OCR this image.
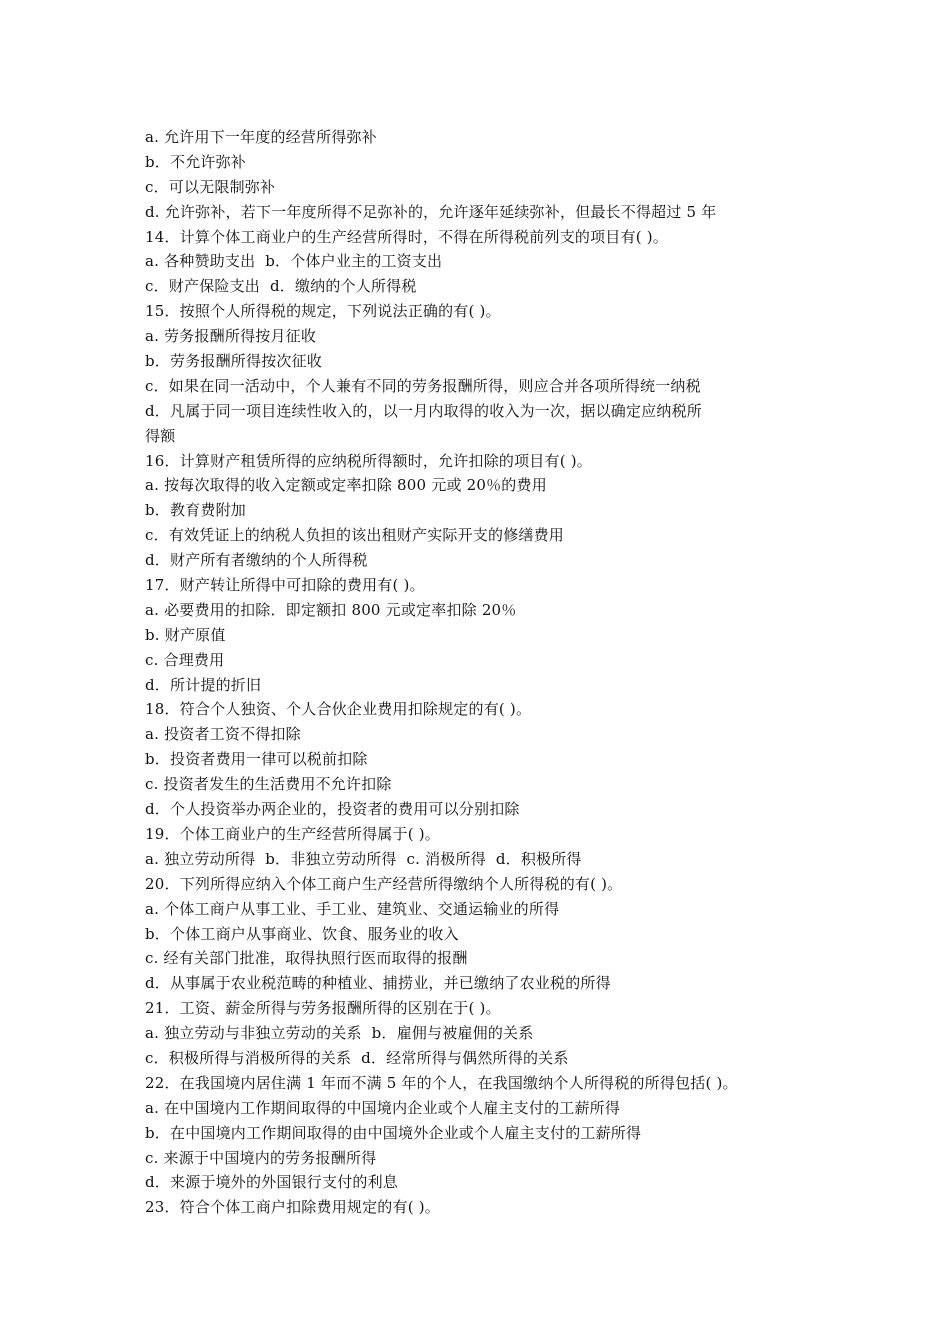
a. 允许用下一年度的经营所得弥补
b．不允许弥补
c．可以无限制弥补
d. 允许弥补，若下一年度所得不足弥补的，允许逐年延续弥补，但最长不得超过 5 年
14．计算个体工商业户的生产经营所得时，不得在所得税前列支的项目有( )。
a. 各种赞助支出  b．个体户业主的工资支出
c．财产保险支出  d．缴纳的个人所得税
15．按照个人所得税的规定，下列说法正确的有( )。
a. 劳务报酬所得按月征收
b．劳务报酬所得按次征收
c．如果在同一活动中，个人兼有不同的劳务报酬所得，则应合并各项所得统一纳税
d．凡属于同一项目连续性收入的，以一月内取得的收入为一次，据以确定应纳税所
得额
16．计算财产租赁所得的应纳税所得额时，允许扣除的项目有( )。
a. 按每次取得的收入定额或定率扣除 800 元或 20％的费用
b．教育费附加
c．有效凭证上的纳税人负担的该出租财产实际开支的修缮费用
d．财产所有者缴纳的个人所得税
17．财产转让所得中可扣除的费用有( )。
a. 必要费用的扣除．即定额扣 800 元或定率扣除 20％
b. 财产原值
c. 合理费用
d．所计提的折旧
18．符合个人独资、个人合伙企业费用扣除规定的有( )。
a. 投资者工资不得扣除
b．投资者费用一律可以税前扣除
c. 投资者发生的生活费用不允许扣除
d．个人投资举办两企业的，投资者的费用可以分别扣除
19．个体工商业户的生产经营所得属于( )。
a. 独立劳动所得  b．非独立劳动所得  c. 消极所得  d．积极所得
20．下列所得应纳入个体工商户生产经营所得缴纳个人所得税的有( )。
a. 个体工商户从事工业、手工业、建筑业、交通运输业的所得
b．个体工商户从事商业、饮食、服务业的收入
c. 经有关部门批准，取得执照行医而取得的报酬
d．从事属于农业税范畴的种植业、捕捞业，并已缴纳了农业税的所得
21．工资、薪金所得与劳务报酬所得的区别在于( )。
a. 独立劳动与非独立劳动的关系  b．雇佣与被雇佣的关系
c．积极所得与消极所得的关系  d．经常所得与偶然所得的关系
22．在我国境内居住满 1 年而不满 5 年的个人，在我国缴纳个人所得税的所得包括( )。
a. 在中国境内工作期间取得的中国境内企业或个人雇主支付的工薪所得
b．在中国境内工作期间取得的由中国境外企业或个人雇主支付的工薪所得
c. 来源于中国境内的劳务报酬所得
d．来源于境外的外国银行支付的利息
23．符合个体工商户扣除费用规定的有( )。
